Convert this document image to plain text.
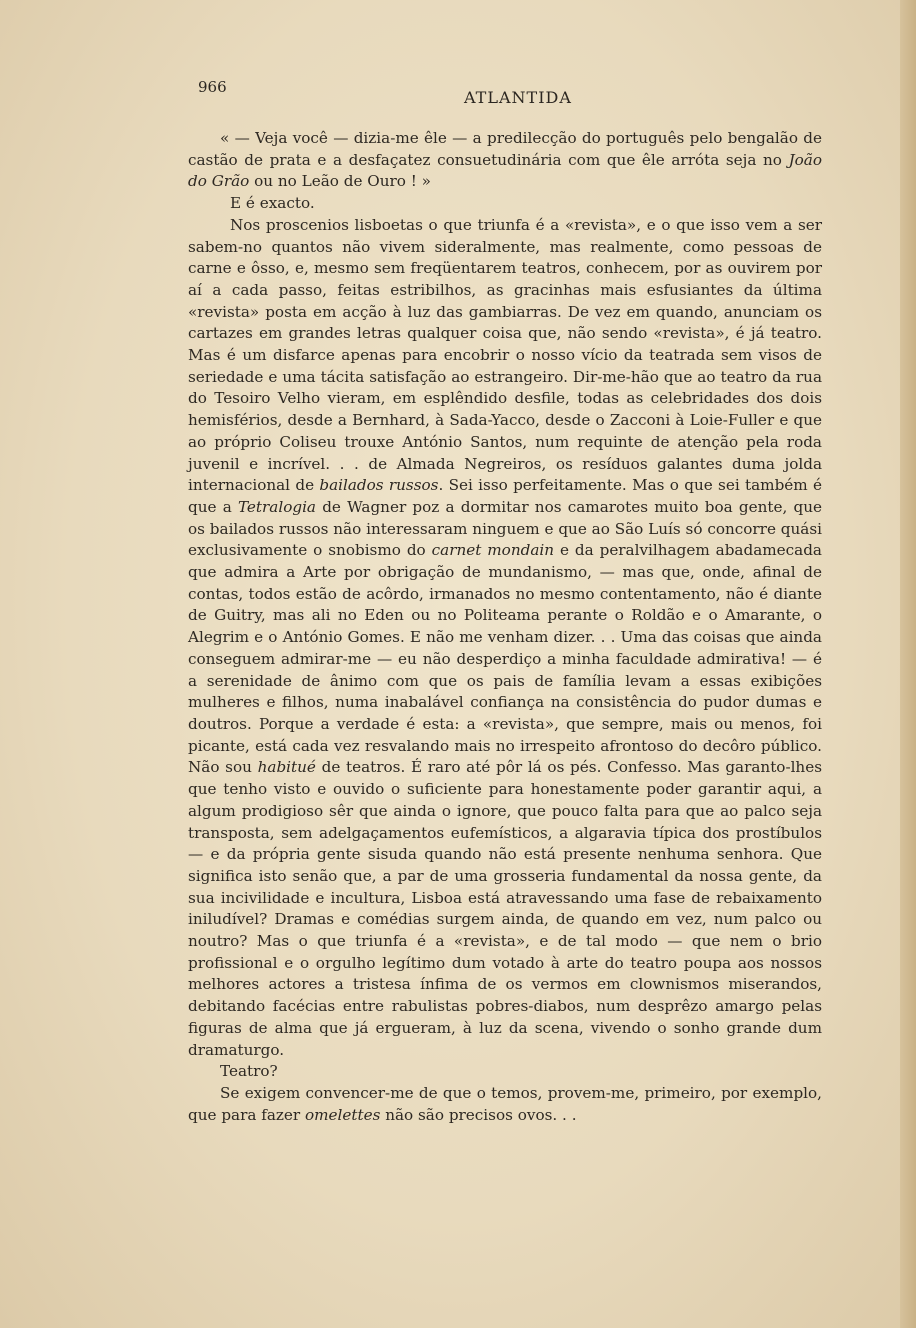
966
ATLANTIDA

« — Veja você — dizia-me êle — a predilecção do português pelo bengalão de castão de prata e a desfaçatez consuetudinária com que êle arróta seja no João do Grão ou no Leão de Ouro ! »

E é exacto.

Nos proscenios lisboetas o que triunfa é a «revista», e o que isso vem a ser sabem-no quantos não vivem sideralmente, mas realmente, como pessoas de carne e ôsso, e, mesmo sem freqüentarem teatros, conhecem, por as ouvirem por aí a cada passo, feitas estribilhos, as gracinhas mais esfusiantes da última «revista» posta em acção à luz das gambiarras. De vez em quando, anunciam os cartazes em grandes letras qualquer coisa que, não sendo «revista», é já teatro. Mas é um disfarce apenas para encobrir o nosso vício da teatrada sem visos de seriedade e uma tácita satisfação ao estrangeiro. Dir-me-hão que ao teatro da rua do Tesoiro Velho vieram, em esplêndido desfile, todas as celebridades dos dois hemisférios, desde a Bernhard, à Sada-Yacco, desde o Zacconi à Loie-Fuller e que ao próprio Coliseu trouxe António Santos, num requinte de atenção pela roda juvenil e incrível. . . de Almada Negreiros, os resíduos galantes duma jolda internacional de bailados russos. Sei isso perfeitamente. Mas o que sei também é que a Tetralogia de Wagner poz a dormitar nos camarotes muito boa gente, que os bailados russos não interessaram ninguem e que ao São Luís só concorre quási exclusivamente o snobismo do carnet mondain e da peralvilhagem abadamecada que admira a Arte por obrigação de mundanismo, — mas que, onde, afinal de contas, todos estão de acôrdo, irmanados no mesmo contentamento, não é diante de Guitry, mas ali no Eden ou no Politeama perante o Roldão e o Amarante, o Alegrim e o António Gomes. E não me venham dizer. . . Uma das coisas que ainda conseguem admirar-me — eu não desperdiço a minha faculdade admirativa! — é a serenidade de ânimo com que os pais de família levam a essas exibições mulheres e filhos, numa inabalável confiança na consistência do pudor dumas e doutros. Porque a verdade é esta: a «revista», que sempre, mais ou menos, foi picante, está cada vez resvalando mais no irrespeito afrontoso do decôro público. Não sou habitué de teatros. É raro até pôr lá os pés. Confesso. Mas garanto-lhes que tenho visto e ouvido o suficiente para honestamente poder garantir aqui, a algum prodigioso sêr que ainda o ignore, que pouco falta para que ao palco seja transposta, sem adelgaçamentos eufemísticos, a algaravia típica dos prostíbulos — e da própria gente sisuda quando não está presente nenhuma senhora. Que significa isto senão que, a par de uma grosseria fundamental da nossa gente, da sua incivilidade e incultura, Lisboa está atravessando uma fase de rebaixamento iniludível? Dramas e comédias surgem ainda, de quando em vez, num palco ou noutro? Mas o que triunfa é a «revista», e de tal modo — que nem o brio profissional e o orgulho legítimo dum votado à arte do teatro poupa aos nossos melhores actores a tristesa ínfima de os vermos em clownismos miserandos, debitando facécias entre rabulistas pobres-diabos, num desprêzo amargo pelas figuras de alma que já ergueram, à luz da scena, vivendo o sonho grande dum dramaturgo.

Teatro?

Se exigem convencer-me de que o temos, provem-me, primeiro, por exemplo, que para fazer omelettes não são precisos ovos. . .
